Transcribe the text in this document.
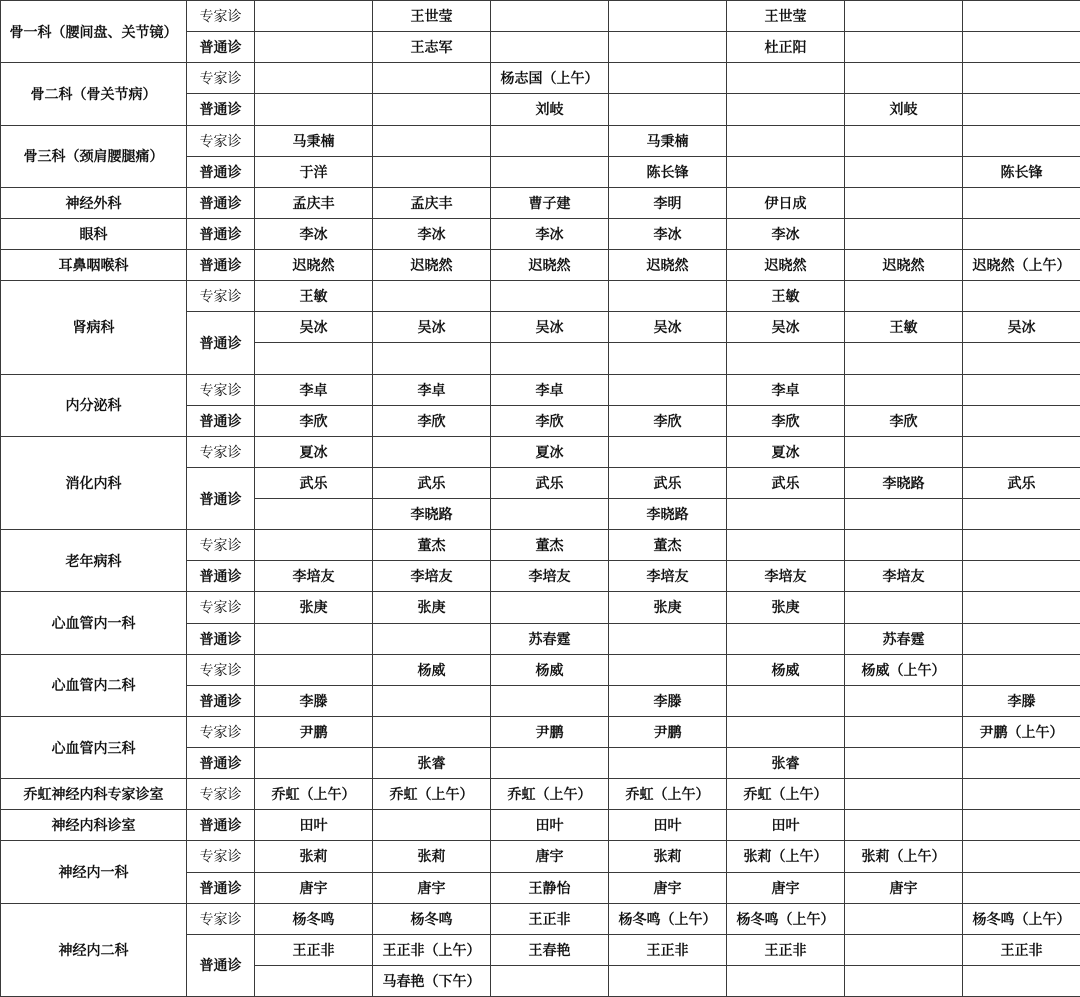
骨一科（腰间盘、关节镜）	专家诊		王世莹			王世莹		
	普通诊		王志军			杜正阳		
骨二科（骨关节病）	专家诊			杨志国（上午）				
	普通诊			刘岐			刘岐	
骨三科（颈肩腰腿痛）	专家诊	马秉楠			马秉楠			
	普通诊	于洋			陈长锋			陈长锋
神经外科	普通诊	孟庆丰	孟庆丰	曹子建	李明	伊日成		
眼科	普通诊	李冰	李冰	李冰	李冰	李冰		
耳鼻咽喉科	普通诊	迟晓然	迟晓然	迟晓然	迟晓然	迟晓然	迟晓然	迟晓然（上午）
肾病科	专家诊	王敏				王敏		
	普通诊	吴冰	吴冰	吴冰	吴冰	吴冰	王敏	吴冰

内分泌科	专家诊	李卓	李卓	李卓		李卓		
	普通诊	李欣	李欣	李欣	李欣	李欣	李欣	
消化内科	专家诊	夏冰		夏冰		夏冰		
	普通诊	武乐	武乐	武乐	武乐	武乐	李晓路	武乐
			李晓路		李晓路			
老年病科	专家诊		董杰	董杰	董杰			
	普通诊	李培友	李培友	李培友	李培友	李培友	李培友	
心血管内一科	专家诊	张庚	张庚		张庚	张庚		
	普通诊			苏春霆			苏春霆	
心血管内二科	专家诊		杨威	杨威		杨威	杨威（上午）	
	普通诊	李滕			李滕			李滕
心血管内三科	专家诊	尹鹏		尹鹏	尹鹏			尹鹏（上午）
	普通诊		张睿			张睿		
乔虹神经内科专家诊室	专家诊	乔虹（上午）	乔虹（上午）	乔虹（上午）	乔虹（上午）	乔虹（上午）		
神经内科诊室	普通诊	田叶		田叶	田叶	田叶		
神经内一科	专家诊	张莉	张莉	唐宇	张莉	张莉（上午）	张莉（上午）	
	普通诊	唐宇	唐宇	王静怡	唐宇	唐宇	唐宇	
神经内二科	专家诊	杨冬鸣	杨冬鸣	王正非	杨冬鸣（上午）	杨冬鸣（上午）		杨冬鸣（上午）
	普通诊	王正非	王正非（上午）	王春艳	王正非	王正非		王正非
			马春艳（下午）					
